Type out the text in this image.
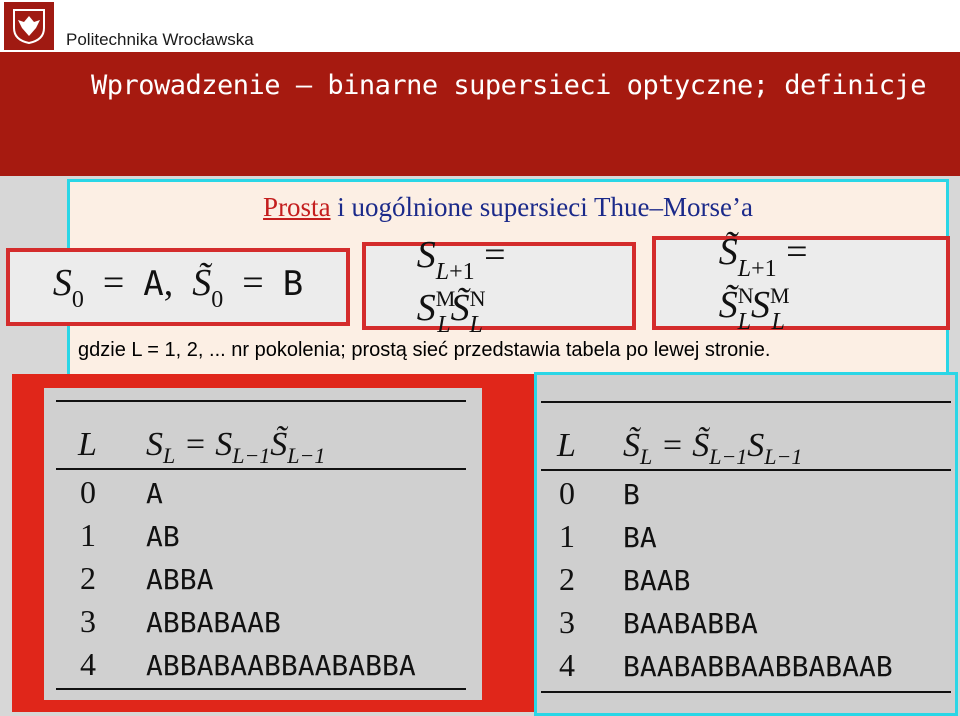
Politechnika Wrocławska
Wprowadzenie — binarne supersieci optyczne; definicje
Prosta i uogólnione supersieci Thue–Morse’a
$S_0 = A$,  $S̃_0 = B$
$S_{L+1}$ = $S^M_LS̃^N_L$
$S̃_{L+1}$ = $S̃^N_LS^M_L$
gdzie L = 1, 2, ... nr pokolenia; prostą sieć przedstawia tabela po lewej stronie.
L $S_L$ = $S_{L-1}S̃_{L-1}$
0 A
1 AB
2 ABBA
3 ABBABAAB
4 ABBABAABBAABABBA
L $S̃_L$ = $S̃_{L-1}S_{L-1}$
0 B
1 BA
2 BAAB
3 BAABABBA
4 BAABABBAABBABAAB
